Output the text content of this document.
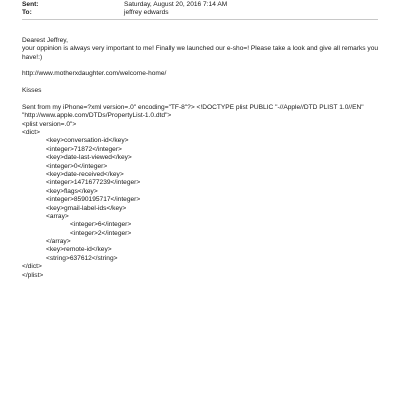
Sent:	Saturday, August 20, 2016 7:14 AM
To:	jeffrey edwards
Dearest Jeffrey,
your oppinion is always very important to me! Finally we launched our e-sho=! Please take a look and give all remarks you have!:)
http://www.motherxdaughter.com/welcome-home/
Kisses
Sent from my iPhone=?xml version=.0" encoding="TF-8"?> <!DOCTYPE plist PUBLIC "-//Apple//DTD PLIST 1.0//EN"
"http://www.apple.com/DTDs/PropertyList-1.0.dtd">
<plist version=.0">
<dict>
<key>conversation-id</key>
<integer>71872</integer>
<key>date-last-viewed</key>
<integer>0</integer>
<key>date-received</key>
<integer>1471677239</integer>
<key>flags</key>
<integer>8590195717</integer>
<key>gmail-label-ids</key>
<array>
<integer>6</integer>
<integer>2</integer>
</array>
<key>remote-id</key>
<string>637612</string>
</dict>
</plist>
